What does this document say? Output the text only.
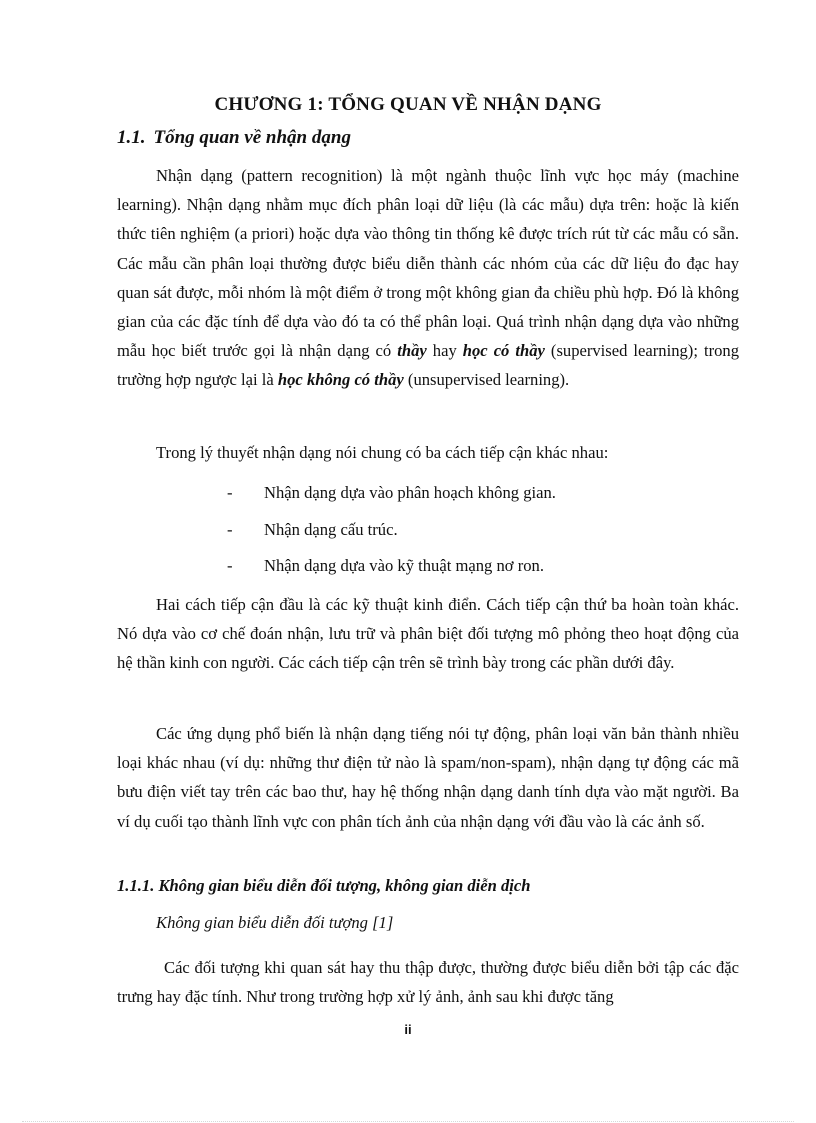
CHƯƠNG 1: TỔNG QUAN VỀ NHẬN DẠNG
1.1. Tổng quan về nhận dạng

Nhận dạng (pattern recognition) là một ngành thuộc lĩnh vực học máy (machine learning). Nhận dạng nhằm mục đích phân loại dữ liệu (là các mẫu) dựa trên: hoặc là kiến thức tiên nghiệm (a priori) hoặc dựa vào thông tin thống kê được trích rút từ các mẫu có sẵn. Các mẫu cần phân loại thường được biểu diễn thành các nhóm của các dữ liệu đo đạc hay quan sát được, mỗi nhóm là một điểm ở trong một không gian đa chiều phù hợp. Đó là không gian của các đặc tính để dựa vào đó ta có thể phân loại. Quá trình nhận dạng dựa vào những mẫu học biết trước gọi là nhận dạng có thầy hay học có thầy (supervised learning); trong trường hợp ngược lại là học không có thầy (unsupervised learning).

Trong lý thuyết nhận dạng nói chung có ba cách tiếp cận khác nhau:

- Nhận dạng dựa vào phân hoạch không gian.
- Nhận dạng cấu trúc.
- Nhận dạng dựa vào kỹ thuật mạng nơ ron.

Hai cách tiếp cận đầu là các kỹ thuật kinh điển. Cách tiếp cận thứ ba hoàn toàn khác. Nó dựa vào cơ chế đoán nhận, lưu trữ và phân biệt đối tượng mô phỏng theo hoạt động của hệ thần kinh con người. Các cách tiếp cận trên sẽ trình bày trong các phần dưới đây.

Các ứng dụng phổ biến là nhận dạng tiếng nói tự động, phân loại văn bản thành nhiều loại khác nhau (ví dụ: những thư điện tử nào là spam/non-spam), nhận dạng tự động các mã bưu điện viết tay trên các bao thư, hay hệ thống nhận dạng danh tính dựa vào mặt người. Ba ví dụ cuối tạo thành lĩnh vực con phân tích ảnh của nhận dạng với đầu vào là các ảnh số.

1.1.1. Không gian biểu diễn đối tượng, không gian diễn dịch

Không gian biểu diễn đối tượng [1]

Các đối tượng khi quan sát hay thu thập được, thường được biểu diễn bởi tập các đặc trưng hay đặc tính. Như trong trường hợp xử lý ảnh, ảnh sau khi được tăng

ii
